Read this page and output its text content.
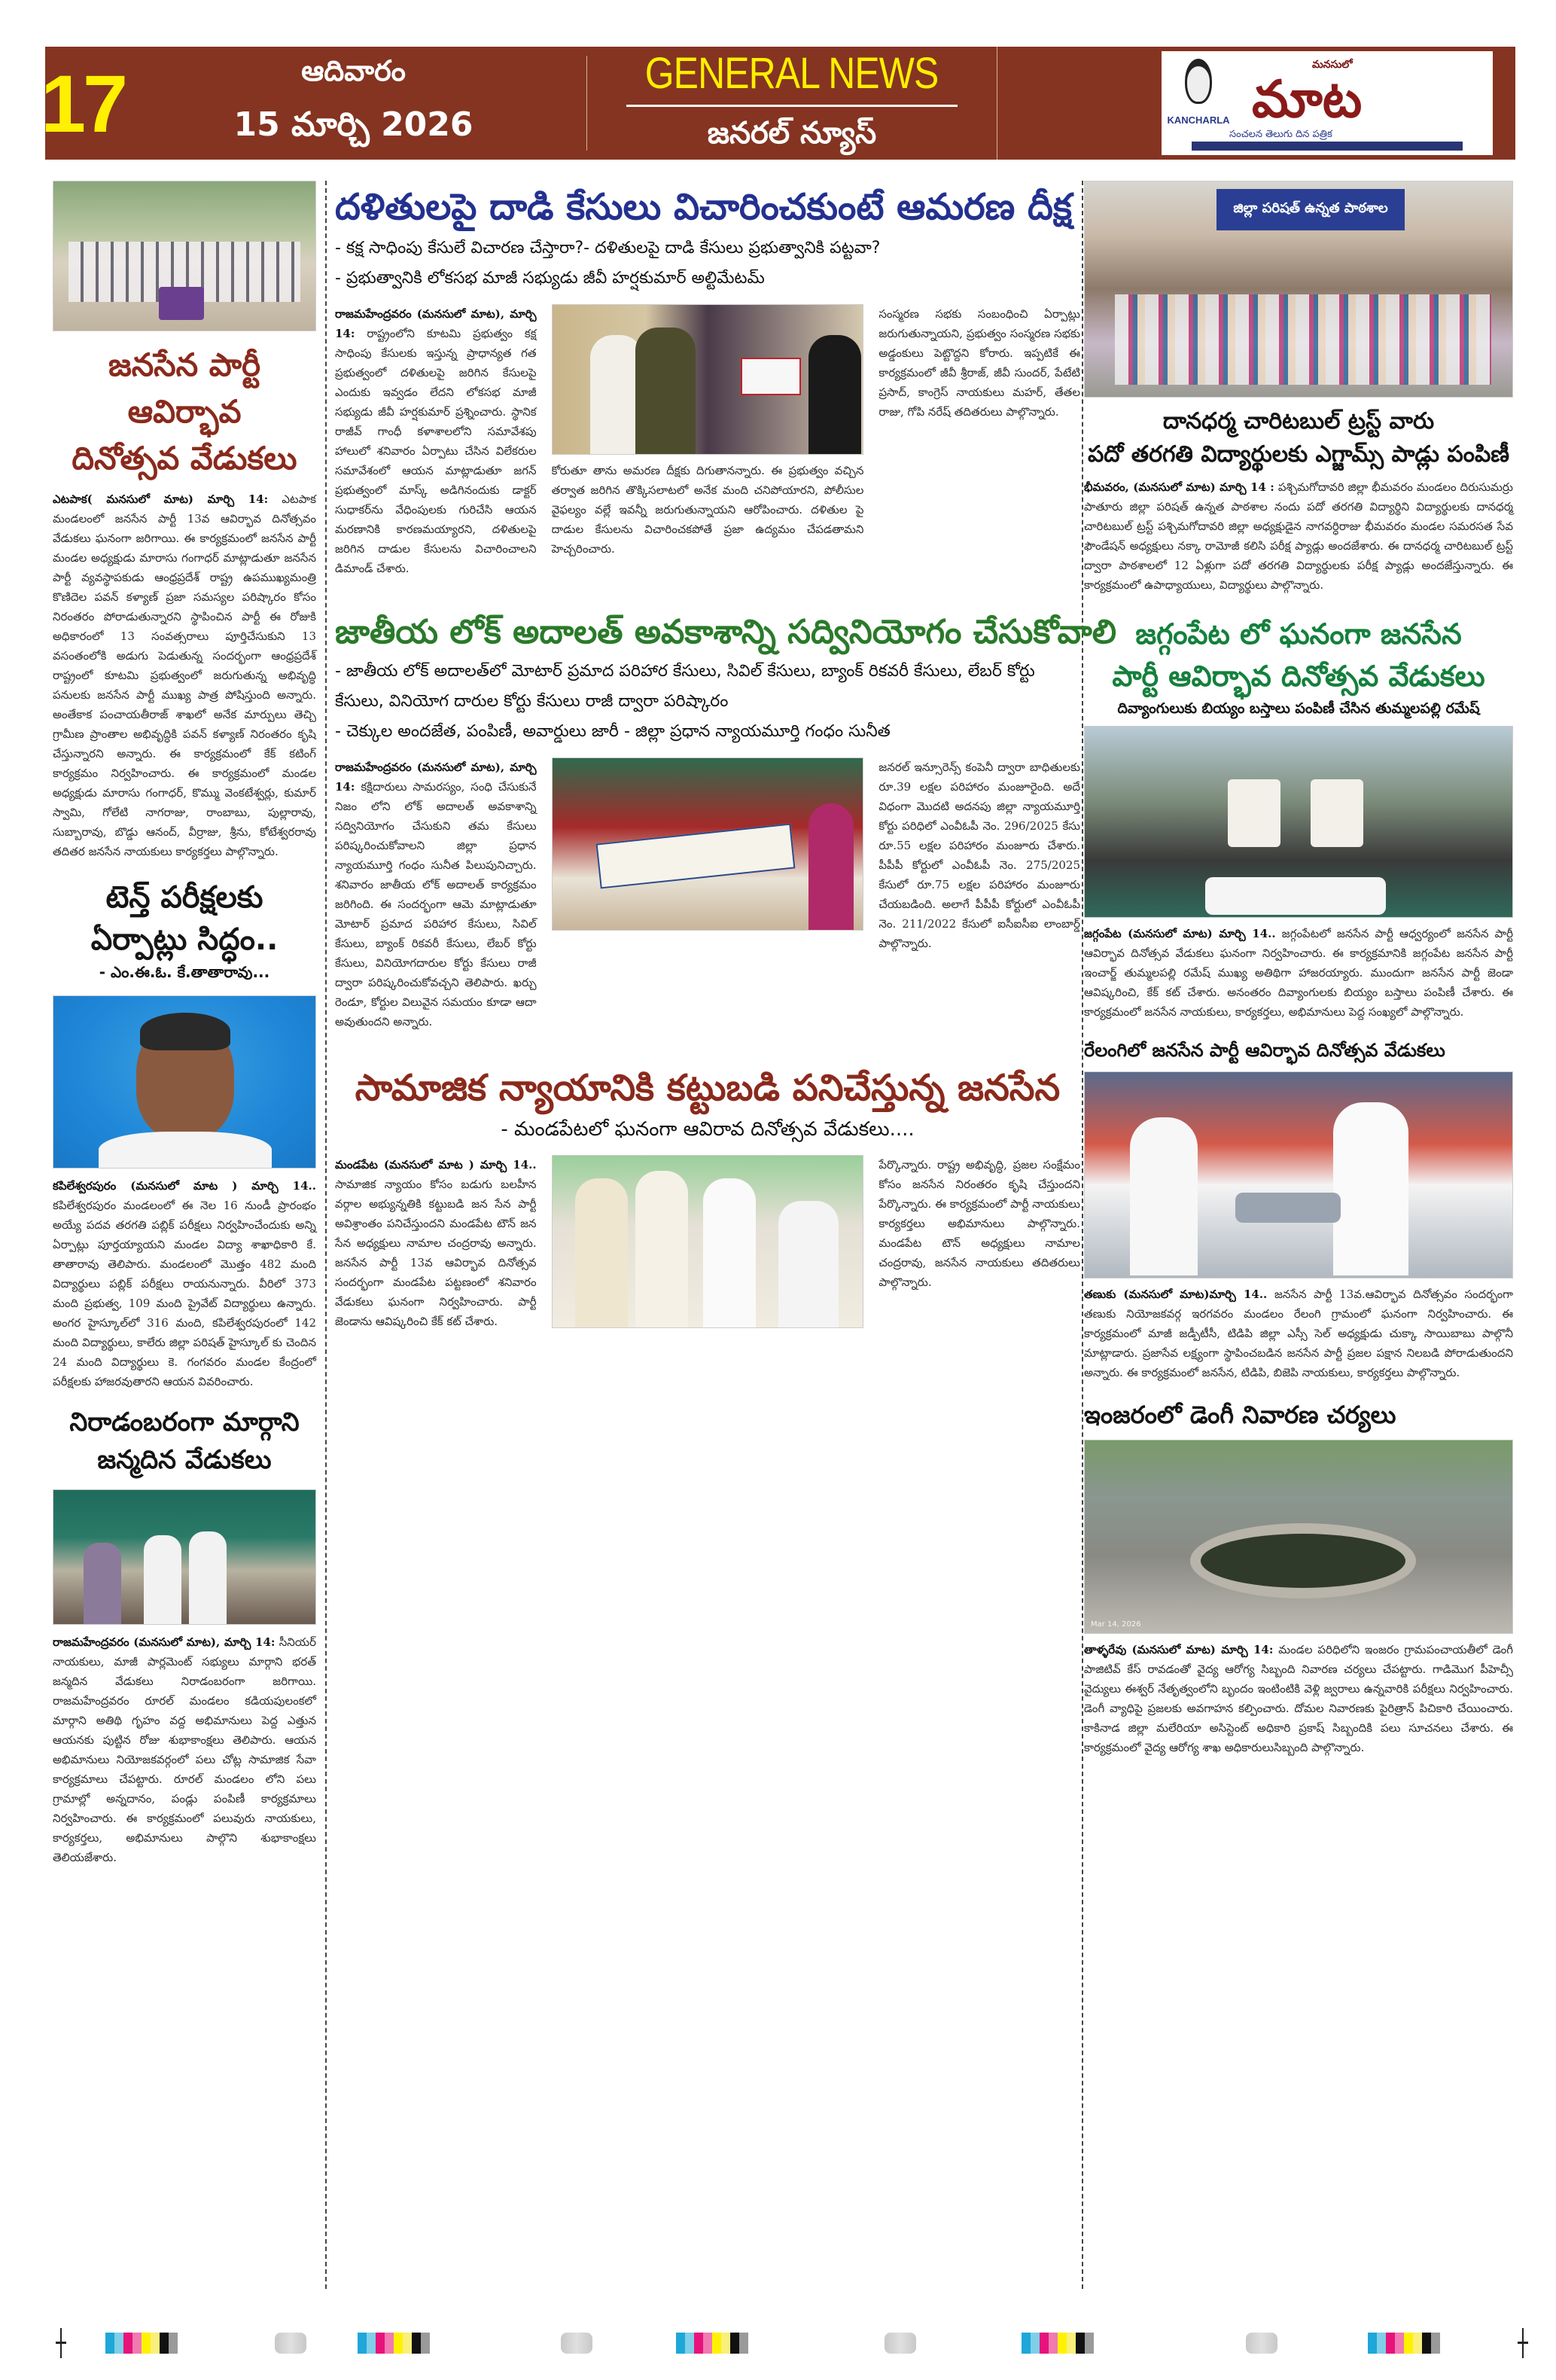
17	ఆదివారం
15 మార్చి 2026
GENERAL NEWS
జనరల్ న్యూస్	KANCHARLA
మనసులో
మాట
సంచలన తెలుగు దిన పత్రిక
జనసేన పార్టీ ఆవిర్భావ
దినోత్సవ వేడుకలు
ఎటపాక( మనసులో మాట) మార్చి 14: ఎటపాక మండలంలో జనసేన పార్టీ 13వ ఆవిర్భావ దినోత్సవం వేడుకలు ఘనంగా జరిగాయి. ఈ కార్యక్రమంలో జనసేన పార్టీ మండల అధ్యక్షుడు మారాసు గంగాధర్ మాట్లాడుతూ జనసేన పార్టీ వ్యవస్థాపకుడు ఆంధ్రప్రదేశ్ రాష్ట్ర ఉపముఖ్యమంత్రి కొణిదెల పవన్ కళ్యాణ్ ప్రజా సమస్యల పరిష్కారం కోసం నిరంతరం పోరాడుతున్నారని స్థాపించిన పార్టీ ఈ రోజుకి అధికారంలో 13 సంవత్సరాలు పూర్తిచేసుకుని 13 వసంతంలోకి అడుగు పెడుతున్న సందర్భంగా ఆంధ్రప్రదేశ్ రాష్ట్రంలో కూటమి ప్రభుత్వంలో జరుగుతున్న అభివృద్ధి పనులకు జనసేన పార్టీ ముఖ్య పాత్ర పోషిస్తుంది అన్నారు. అంతేకాక పంచాయతీరాజ్ శాఖలో అనేక మార్పులు తెచ్చి గ్రామీణ ప్రాంతాల అభివృద్ధికి పవన్ కళ్యాణ్ నిరంతరం కృషి చేస్తున్నారని అన్నారు. ఈ కార్యక్రమంలో కేక్ కటింగ్ కార్యక్రమం నిర్వహించారు. ఈ కార్యక్రమంలో మండల అధ్యక్షుడు మారాసు గంగాధర్, కొమ్ము వెంకటేశ్వర్లు, కుమార్ స్వామి, గోలేటి నాగరాజు, రాంబాబు, పుల్లారావు, సుబ్బారావు, బొడ్డు ఆనంద్, వీర్రాజు, శ్రీను, కోటేశ్వరరావు తదితర జనసేన నాయకులు కార్యకర్తలు పాల్గొన్నారు.
టెన్త్ పరీక్షలకు
ఏర్పాట్లు సిద్ధం..
- ఎం.ఈ.ఓ. కే.తాతారావు...
కపిలేశ్వరపురం (మనసులో మాట ) మార్చి 14.. కపిలేశ్వరపురం మండలంలో ఈ నెల 16 నుండీ ప్రారంభం అయ్యే పదవ తరగతి పబ్లిక్ పరీక్షలు నిర్వహించేందుకు అన్ని ఏర్పాట్లు పూర్తయ్యాయని మండల విద్యా శాఖాధికారి కే. తాతారావు తెలిపారు. మండలంలో మొత్తం 482 మంది విద్యార్థులు పబ్లిక్ పరీక్షలు రాయనున్నారు. వీరిలో 373 మంది ప్రభుత్వ, 109 మంది ప్రైవేట్ విద్యార్థులు ఉన్నారు. అంగర హైస్కూల్‌లో 316 మంది, కపిలేశ్వరపురంలో 142 మంది విద్యార్థులు, కాలేరు జిల్లా పరిషత్ హైస్కూల్ కు చెందిన 24 మంది విద్యార్థులు కె. గంగవరం మండల కేంద్రంలో పరీక్షలకు హాజరవుతారని ఆయన వివరించారు.
నిరాడంబరంగా మార్గాని
జన్మదిన వేడుకలు
రాజమహేంద్రవరం (మనసులో మాట), మార్చి 14: సీనియర్ నాయకులు, మాజీ పార్లమెంట్ సభ్యులు మార్గాని భరత్ జన్మదిన వేడుకలు నిరాడంబరంగా జరిగాయి. రాజమహేంద్రవరం రూరల్ మండలం కడియపులంకలో మార్గాని అతిథి గృహం వద్ద అభిమానులు పెద్ద ఎత్తున ఆయనకు పుట్టిన రోజు శుభాకాంక్షలు తెలిపారు. ఆయన అభిమానులు నియోజకవర్గంలో పలు చోట్ల సామాజిక సేవా కార్యక్రమాలు చేపట్టారు. రూరల్ మండలం లోని పలు గ్రామాల్లో అన్నదానం, పండ్లు పంపిణీ కార్యక్రమాలు నిర్వహించారు. ఈ కార్యక్రమంలో పలువురు నాయకులు, కార్యకర్తలు, అభిమానులు పాల్గొని శుభాకాంక్షలు తెలియజేశారు.
దళితులపై దాడి కేసులు విచారించకుంటే ఆమరణ దీక్ష
- కక్ష సాధింపు కేసులే విచారణ చేస్తారా?- దళితులపై దాడి కేసులు ప్రభుత్వానికి పట్టవా?
- ప్రభుత్వానికి లోకసభ మాజీ సభ్యుడు జీవీ హర్షకుమార్ అల్టిమేటమ్
రాజమహేంద్రవరం (మనసులో మాట), మార్చి 14: రాష్ట్రంలోని కూటమి ప్రభుత్వం కక్ష సాధింపు కేసులకు ఇస్తున్న ప్రాధాన్యత గత ప్రభుత్వంలో దళితులపై జరిగిన కేసులపై ఎందుకు ఇవ్వడం లేదని లోకసభ మాజీ సభ్యుడు జీవీ హర్షకుమార్ ప్రశ్నించారు. స్థానిక రాజీవ్ గాంధీ కళాశాలలోని సమావేశపు హాలులో శనివారం ఏర్పాటు చేసిన విలేకరుల సమావేశంలో ఆయన మాట్లాడుతూ జగన్ ప్రభుత్వంలో మాస్క్ అడిగినందుకు డాక్టర్ సుధాకర్‌ను వేధింపులకు గురిచేసి ఆయన మరణానికి కారణమయ్యారని, దళితులపై జరిగిన దాడుల కేసులను విచారించాలని డిమాండ్ చేశారు.
కోరుతూ తాను అమరణ దీక్షకు దిగుతానన్నారు. ఈ ప్రభుత్వం వచ్చిన తర్వాత జరిగిన తొక్కిసలాటలో అనేక మంది చనిపోయారని, పోలీసుల వైఫల్యం వల్లే ఇవన్నీ జరుగుతున్నాయని ఆరోపించారు. దళితుల పై దాడుల కేసులను విచారించకపోతే ప్రజా ఉద్యమం చేపడతామని హెచ్చరించారు.
సంస్మరణ సభకు సంబంధించి ఏర్పాట్లు జరుగుతున్నాయని, ప్రభుత్వం సంస్మరణ సభకు అడ్డంకులు పెట్టొద్దని కోరారు. ఇప్పటికే ఈ కార్యక్రమంలో జీవీ శ్రీరాజ్, జీవీ సుందర్, పేటేటి ప్రసాద్, కాంగ్రెస్ నాయకులు మహర్, తేతల రాజు, గోపి నరేష్ తదితరులు పాల్గొన్నారు.
జాతీయ లోక్ అదాలత్ అవకాశాన్ని సద్వినియోగం చేసుకోవాలి
- జాతీయ లోక్ అదాలత్‌లో మోటార్ ప్రమాద పరిహార కేసులు, సివిల్ కేసులు, బ్యాంక్ రికవరీ కేసులు, లేబర్ కోర్టు కేసులు, వినియోగ దారుల కోర్టు కేసులు రాజీ ద్వారా పరిష్కారం
- చెక్కుల అందజేత, పంపిణీ, అవార్డులు జారీ - జిల్లా ప్రధాన న్యాయమూర్తి గంధం సునీత
రాజమహేంద్రవరం (మనసులో మాట), మార్చి 14: కక్షిదారులు సామరస్యం, సంధి చేసుకునే నిజం లోని లోక్ అదాలత్ అవకాశాన్ని సద్వినియోగం చేసుకుని తమ కేసులు పరిష్కరించుకోవాలని జిల్లా ప్రధాన న్యాయమూర్తి గంధం సునీత పిలుపునిచ్చారు. శనివారం జాతీయ లోక్ అదాలత్ కార్యక్రమం జరిగింది. ఈ సందర్భంగా ఆమె మాట్లాడుతూ మోటార్ ప్రమాద పరిహార కేసులు, సివిల్ కేసులు, బ్యాంక్ రికవరీ కేసులు, లేబర్ కోర్టు కేసులు, వినియోగదారుల కోర్టు కేసులు రాజీ ద్వారా పరిష్కరించుకోవచ్చని తెలిపారు. ఖర్చు రెండూ, కోర్టుల విలువైన సమయం కూడా ఆదా అవుతుందని అన్నారు.
జనరల్ ఇన్సూరెన్స్ కంపెనీ ద్వారా బాధితులకు రూ.39 లక్షల పరిహారం మంజూరైంది. అదే విధంగా మొదటి అదనపు జిల్లా న్యాయమూర్తి కోర్టు పరిధిలో ఎంవీఓపీ నెం. 296/2025 కేసు రూ.55 లక్షల పరిహారం మంజూరు చేశారు. పీపీపీ కోర్టులో ఎంవీఓపీ నెం. 275/2025 కేసులో రూ.75 లక్షల పరిహారం మంజూరు చేయబడింది. అలాగే పీపీపీ కోర్టులో ఎంవీఓపీ నెం. 211/2022 కేసులో ఐసీఐసీఐ లాంబార్డ్ పాల్గొన్నారు.
సామాజిక న్యాయానికి కట్టుబడి పనిచేస్తున్న జనసేన
- మండపేటలో ఘనంగా ఆవిరావ దినోత్సవ వేడుకలు....
మండపేట (మనసులో మాట ) మార్చి 14.. సామాజిక న్యాయం కోసం బడుగు బలహీన వర్గాల అభ్యున్నతికి కట్టుబడి జన సేన పార్టీ అవిశ్రాంతం పనిచేస్తుందని మండపేట టౌన్ జన సేన అధ్యక్షులు నామాల చంద్రరావు అన్నారు. జనసేన పార్టీ 13వ ఆవిర్భావ దినోత్సవ సందర్భంగా మండపేట పట్టణంలో శనివారం వేడుకలు ఘనంగా నిర్వహించారు. పార్టీ జెండాను ఆవిష్కరించి కేక్ కట్ చేశారు.
పేర్కొన్నారు. రాష్ట్ర అభివృద్ధి, ప్రజల సంక్షేమం కోసం జనసేన నిరంతరం కృషి చేస్తుందని పేర్కొన్నారు. ఈ కార్యక్రమంలో పార్టీ నాయకులు కార్యకర్తలు అభిమానులు పాల్గొన్నారు. మండపేట టౌన్ అధ్యక్షులు నామాల చంద్రరావు, జనసేన నాయకులు తదితరులు పాల్గొన్నారు.
జిల్లా పరిషత్ ఉన్నత పాఠశాల
దానధర్మ చారిటబుల్ ట్రస్ట్ వారు
పదో తరగతి విద్యార్థులకు ఎగ్జామ్స్ పాడ్లు పంపిణీ
భీమవరం, (మనసులో మాట) మార్చి 14 : పశ్చిమగోదావరి జిల్లా భీమవరం మండలం దిరుసుమర్రు పాతూరు జిల్లా పరిషత్ ఉన్నత పాఠశాల నందు పదో తరగతి విద్యార్థిని విద్యార్థులకు దానధర్మ చారిటబుల్ ట్రస్ట్ పశ్చిమగోదావరి జిల్లా అధ్యక్షుడైన నాగవర్ధిరాజు భీమవరం మండల సమరసత సేవ ఫౌండేషన్ అధ్యక్షులు నక్కా రామోజీ కలిసి పరీక్ష ప్యాడ్లు అందజేశారు. ఈ దానధర్మ చారిటబుల్ ట్రస్ట్ ద్వారా పాఠశాలలో 12 ఏళ్లుగా పదో తరగతి విద్యార్థులకు పరీక్ష ప్యాడ్లు అందజేస్తున్నారు. ఈ కార్యక్రమంలో ఉపాధ్యాయులు, విద్యార్థులు పాల్గొన్నారు.
జగ్గంపేట లో ఘనంగా జనసేన
పార్టీ ఆవిర్భావ దినోత్సవ వేడుకలు
దివ్యాంగులుకు బియ్యం బస్తాలు పంపిణీ చేసిన తుమ్మలపల్లి రమేష్
జగ్గంపేట (మనసులో మాట) మార్చి 14.. జగ్గంపేటలో జనసేన పార్టీ ఆధ్వర్యంలో జనసేన పార్టీ ఆవిర్భావ దినోత్సవ వేడుకలు ఘనంగా నిర్వహించారు. ఈ కార్యక్రమానికి జగ్గంపేట జనసేన పార్టీ ఇంచార్జ్ తుమ్మలపల్లి రమేష్ ముఖ్య అతిథిగా హాజరయ్యారు. ముందుగా జనసేన పార్టీ జెండా ఆవిష్కరించి, కేక్ కట్ చేశారు. అనంతరం దివ్యాంగులకు బియ్యం బస్తాలు పంపిణీ చేశారు. ఈ కార్యక్రమంలో జనసేన నాయకులు, కార్యకర్తలు, అభిమానులు పెద్ద సంఖ్యలో పాల్గొన్నారు.
రేలంగిలో జనసేన పార్టీ ఆవిర్భావ దినోత్సవ వేడుకలు
తణుకు (మనసులో మాట)మార్చి 14.. జనసేన పార్టీ 13వ.ఆవిర్భావ దినోత్సవం సందర్భంగా తణుకు నియోజకవర్గ ఇరగవరం మండలం రేలంగి గ్రామంలో ఘనంగా నిర్వహించారు. ఈ కార్యక్రమంలో మాజీ జడ్పీటీసీ, టిడిపి జిల్లా ఎస్సీ సెల్ అధ్యక్షుడు చుక్కా సాయిబాబు పాల్గొనీ మాట్లాడారు. ప్రజాసేవ లక్ష్యంగా స్థాపించబడిన జనసేన పార్టీ ప్రజల పక్షాన నిలబడి పోరాడుతుందని అన్నారు. ఈ కార్యక్రమంలో జనసేన, టిడిపి, బిజెపి నాయకులు, కార్యకర్తలు పాల్గొన్నారు.
ఇంజరంలో డెంగీ నివారణ చర్యలు
Mar 14, 2026
తాళ్ళరేవు (మనసులో మాట) మార్చి 14: మండల పరిధిలోని ఇంజరం గ్రామపంచాయతీలో డెంగీ పాజిటివ్ కేస్ రావడంతో వైద్య ఆరోగ్య సిబ్బంది నివారణ చర్యలు చేపట్టారు. గాడిమొగ పీహెచ్సీ వైద్యులు ఈశ్వర్ నేతృత్వంలోని బృందం ఇంటింటికి వెళ్లి జ్వరాలు ఉన్నవారికి పరీక్షలు నిర్వహించారు. డెంగీ వ్యాధిపై ప్రజలకు అవగాహన కల్పించారు. దోమల నివారణకు పైరిత్రాన్ పిచికారి చేయించారు. కాకినాడ జిల్లా మలేరియా అసిస్టెంట్ అధికారి ప్రకాష్ సిబ్బందికి పలు సూచనలు చేశారు. ఈ కార్యక్రమంలో వైద్య ఆరోగ్య శాఖ అధికారులుసిబ్బంది పాల్గొన్నారు.
